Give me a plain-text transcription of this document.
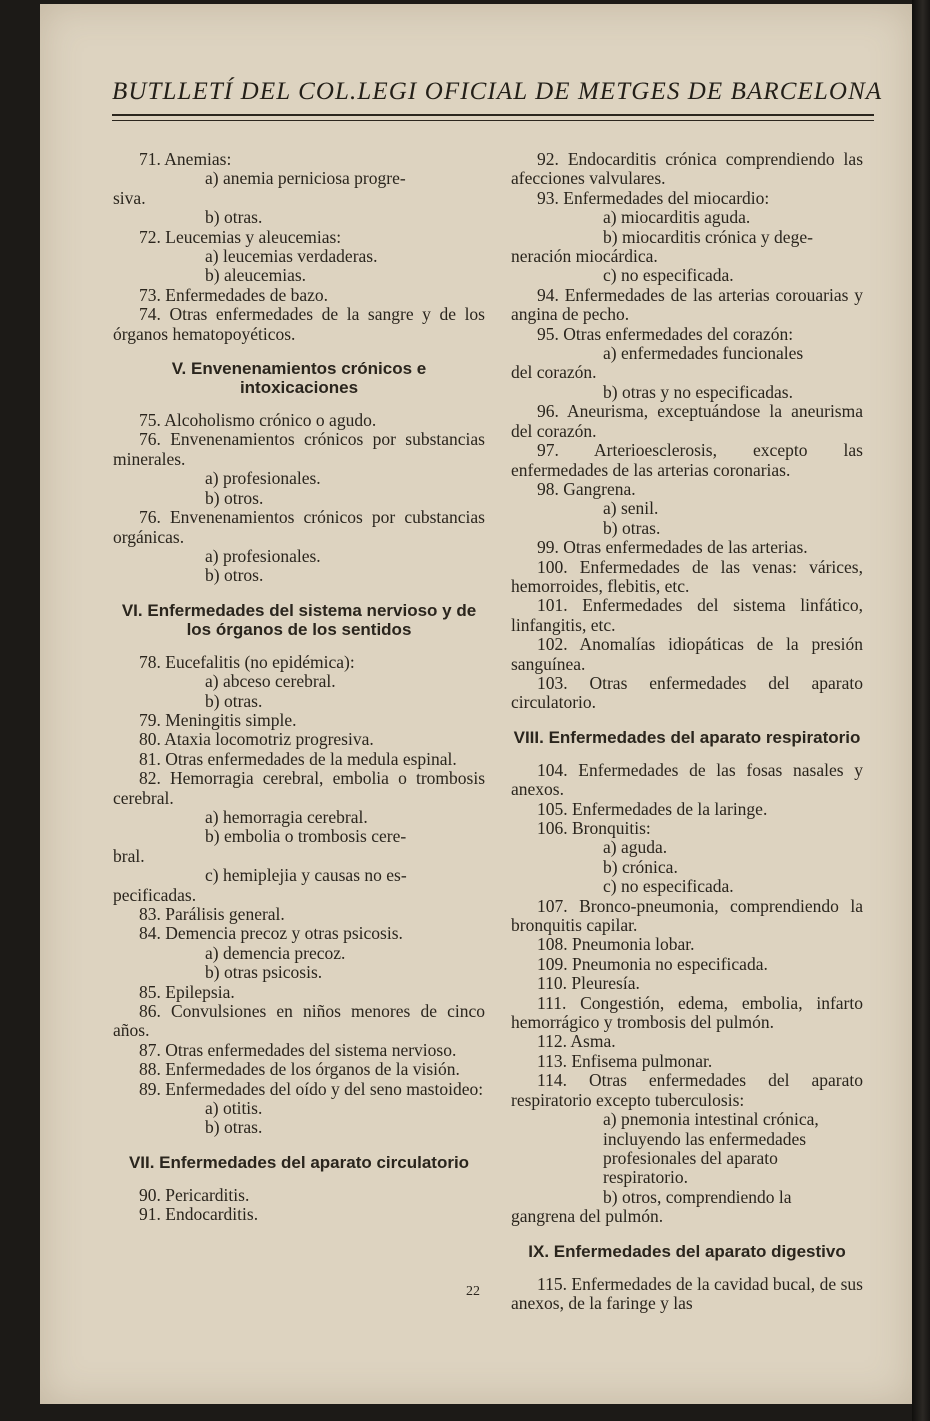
BUTLLETÍ DEL COL.LEGI OFICIAL DE METGES DE BARCELONA

71. Anemias:

a) anemia perniciosa progre-

siva.

b) otras.

72. Leucemias y aleucemias:

a) leucemias verdaderas.

b) aleucemias.

73. Enfermedades de bazo.

74. Otras enfermedades de la sangre y de los órganos hematopoyéticos.

V. Envenenamientos crónicos e intoxicaciones

75. Alcoholismo crónico o agudo.

76. Envenenamientos crónicos por substancias minerales.

a) profesionales.

b) otros.

76. Envenenamientos crónicos por cubstancias orgánicas.

a) profesionales.

b) otros.

VI. Enfermedades del sistema nervioso y de los órganos de los sentidos

78. Eucefalitis (no epidémica):

a) abceso cerebral.

b) otras.

79. Meningitis simple.

80. Ataxia locomotriz progresiva.

81. Otras enfermedades de la medula espinal.

82. Hemorragia cerebral, embolia o trombosis cerebral.

a) hemorragia cerebral.

b) embolia o trombosis cere-

bral.

c) hemiplejia y causas no es-

pecificadas.

83. Parálisis general.

84. Demencia precoz y otras psicosis.

a) demencia precoz.

b) otras psicosis.

85. Epilepsia.

86. Convulsiones en niños menores de cinco años.

87. Otras enfermedades del sistema nervioso.

88. Enfermedades de los órganos de la visión.

89. Enfermedades del oído y del seno mastoideo:

a) otitis.

b) otras.

VII. Enfermedades del aparato circulatorio

90. Pericarditis.

91. Endocarditis.

92. Endocarditis crónica comprendiendo las afecciones valvulares.

93. Enfermedades del miocardio:

a) miocarditis aguda.

b) miocarditis crónica y dege-

neración miocárdica.

c) no especificada.

94. Enfermedades de las arterias corouarias y angina de pecho.

95. Otras enfermedades del corazón:

a) enfermedades funcionales

del corazón.

b) otras y no especificadas.

96. Aneurisma, exceptuándose la aneurisma del corazón.

97. Arterioesclerosis, excepto las enfermedades de las arterias coronarias.

98. Gangrena.

a) senil.

b) otras.

99. Otras enfermedades de las arterias.

100. Enfermedades de las venas: várices, hemorroides, flebitis, etc.

101. Enfermedades del sistema linfático, linfangitis, etc.

102. Anomalías idiopáticas de la presión sanguínea.

103. Otras enfermedades del aparato circulatorio.

VIII. Enfermedades del aparato respiratorio

104. Enfermedades de las fosas nasales y anexos.

105. Enfermedades de la laringe.

106. Bronquitis:

a) aguda.

b) crónica.

c) no especificada.

107. Bronco-pneumonia, comprendiendo la bronquitis capilar.

108. Pneumonia lobar.

109. Pneumonia no especificada.

110. Pleuresía.

111. Congestión, edema, embolia, infarto hemorrágico y trombosis del pulmón.

112. Asma.

113. Enfisema pulmonar.

114. Otras enfermedades del aparato respiratorio excepto tuberculosis:

a) pnemonia intestinal crónica, incluyendo las enfermedades profesionales del aparato respiratorio.

b) otros, comprendiendo la

gangrena del pulmón.

IX. Enfermedades del aparato digestivo

115. Enfermedades de la cavidad bucal, de sus anexos, de la faringe y las

22
